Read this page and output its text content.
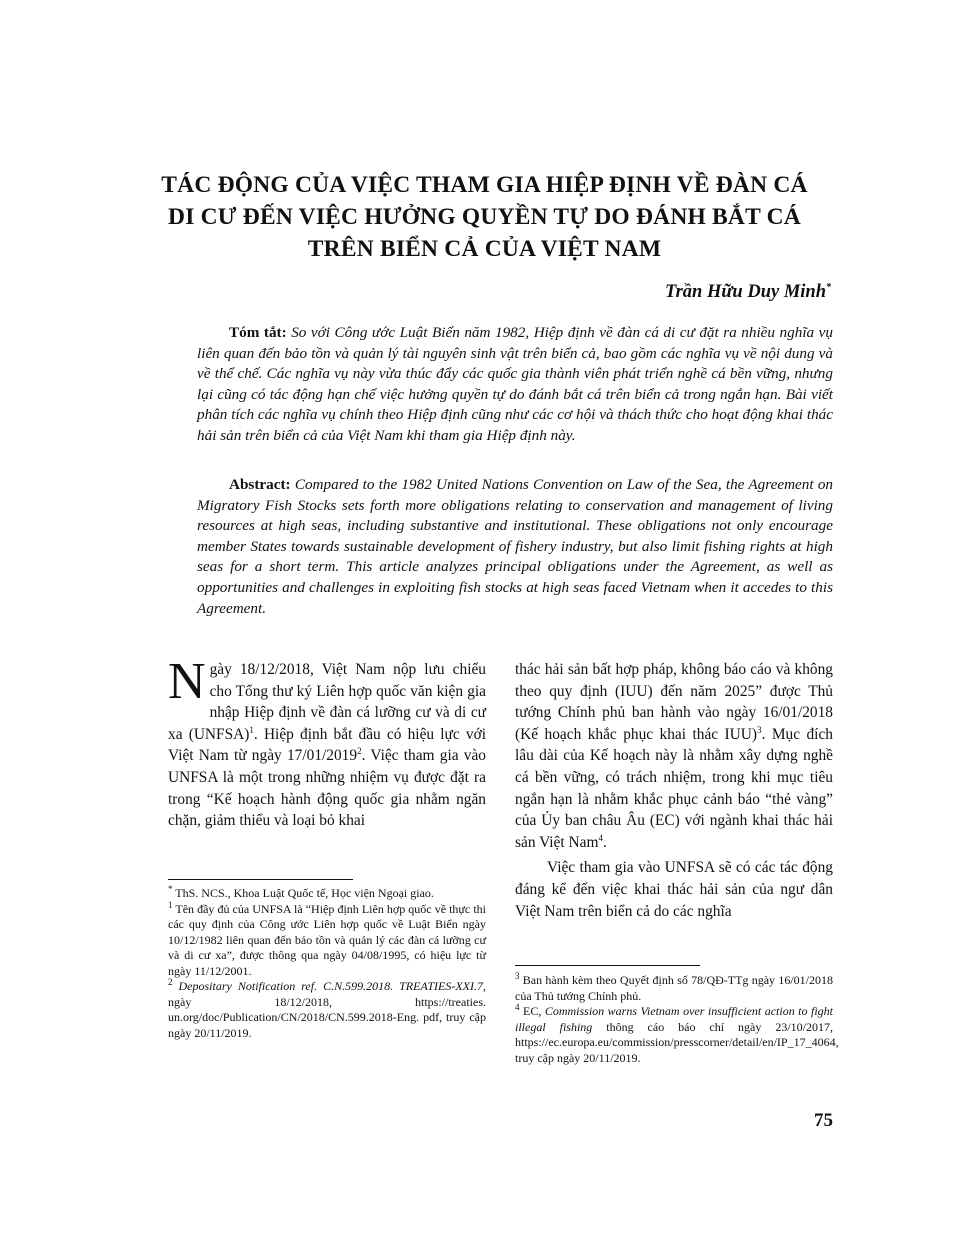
TÁC ĐỘNG CỦA VIỆC THAM GIA HIỆP ĐỊNH VỀ ĐÀN CÁ
DI CƯ ĐẾN VIỆC HƯỞNG QUYỀN TỰ DO ĐÁNH BẮT CÁ
TRÊN BIỂN CẢ CỦA VIỆT NAM
Trần Hữu Duy Minh*
Tóm tắt: So với Công ước Luật Biển năm 1982, Hiệp định về đàn cá di cư đặt ra nhiều nghĩa vụ liên quan đến bảo tồn và quản lý tài nguyên sinh vật trên biển cả, bao gồm các nghĩa vụ về nội dung và về thể chế. Các nghĩa vụ này vừa thúc đẩy các quốc gia thành viên phát triển nghề cá bền vững, nhưng lại cũng có tác động hạn chế việc hưởng quyền tự do đánh bắt cá trên biển cả trong ngắn hạn. Bài viết phân tích các nghĩa vụ chính theo Hiệp định cũng như các cơ hội và thách thức cho hoạt động khai thác hải sản trên biển cả của Việt Nam khi tham gia Hiệp định này.
Abstract: Compared to the 1982 United Nations Convention on Law of the Sea, the Agreement on Migratory Fish Stocks sets forth more obligations relating to conservation and management of living resources at high seas, including substantive and institutional. These obligations not only encourage member States towards sustainable development of fishery industry, but also limit fishing rights at high seas for a short term. This article analyzes principal obligations under the Agreement, as well as opportunities and challenges in exploiting fish stocks at high seas faced Vietnam when it accedes to this Agreement.

Ngày 18/12/2018, Việt Nam nộp lưu chiểu cho Tổng thư ký Liên hợp quốc văn kiện gia nhập Hiệp định về đàn cá lưỡng cư và di cư xa (UNFSA)$^1$. Hiệp định bắt đầu có hiệu lực với Việt Nam từ ngày 17/01/2019$^2$. Việc tham gia vào UNFSA là một trong những nhiệm vụ được đặt ra trong “Kế hoạch hành động quốc gia nhằm ngăn chặn, giảm thiểu và loại bỏ khai

thác hải sản bất hợp pháp, không báo cáo và không theo quy định (IUU) đến năm 2025” được Thủ tướng Chính phủ ban hành vào ngày 16/01/2018 (Kế hoạch khắc phục khai thác IUU)$^3$. Mục đích lâu dài của Kế hoạch này là nhằm xây dựng nghề cá bền vững, có trách nhiệm, trong khi mục tiêu ngắn hạn là nhằm khắc phục cảnh báo “thẻ vàng” của Ủy ban châu Âu (EC) với ngành khai thác hải sản Việt Nam$^4$.

Việc tham gia vào UNFSA sẽ có các tác động đáng kể đến việc khai thác hải sản của ngư dân Việt Nam trên biển cả do các nghĩa

* ThS. NCS., Khoa Luật Quốc tế, Học viện Ngoại giao.

$^1$ Tên đầy đủ của UNFSA là “Hiệp định Liên hợp quốc về thực thi các quy định của Công ước Liên hợp quốc về Luật Biển ngày 10/12/1982 liên quan đến bảo tồn và quản lý các đàn cá lưỡng cư và di cư xa”, được thông qua ngày 04/08/1995, có hiệu lực từ ngày 11/12/2001.

$^2$ Depositary Notification ref. C.N.599.2018. TREATIES-XXI.7, ngày 18/12/2018, https://treaties. un.org/doc/Publication/CN/2018/CN.599.2018-Eng. pdf, truy cập ngày 20/11/2019.

$^3$ Ban hành kèm theo Quyết định số 78/QĐ-TTg ngày 16/01/2018 của Thủ tướng Chính phủ.

$^4$ EC, Commission warns Vietnam over insufficient action to fight illegal fishing thông cáo báo chí ngày 23/10/2017, https://ec.europa.eu/commission/presscorner/detail/en/IP_17_4064, truy cập ngày 20/11/2019.

75
